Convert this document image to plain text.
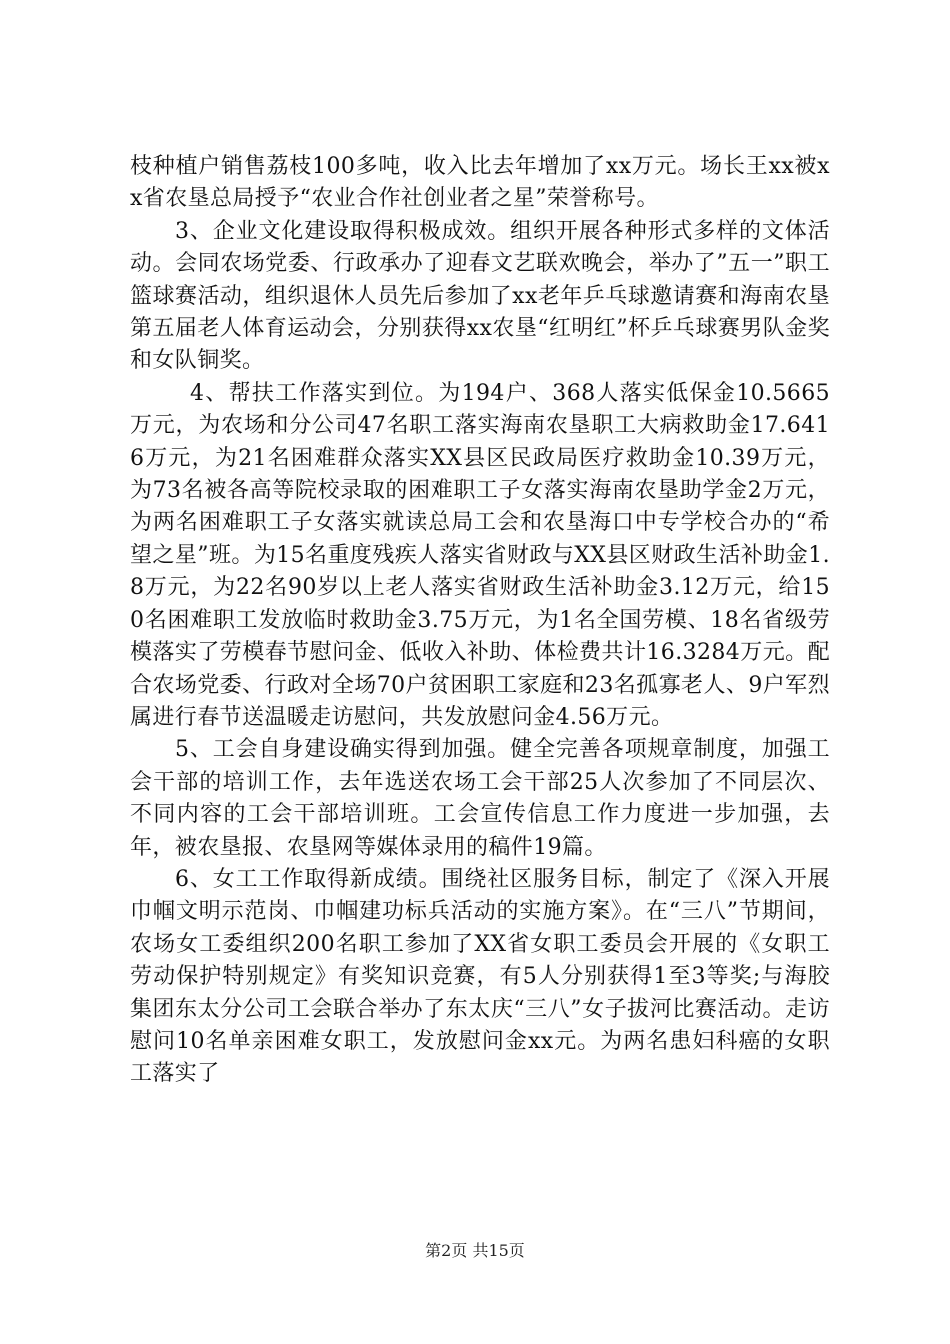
枝种植户销售荔枝100多吨，收入比去年增加了xx万元。场长王xx被xx省农垦总局授予“农业合作社创业者之星”荣誉称号。

3、企业文化建设取得积极成效。组织开展各种形式多样的文体活动。会同农场党委、行政承办了迎春文艺联欢晚会，举办了”五一”职工篮球赛活动，组织退休人员先后参加了xx老年乒乓球邀请赛和海南农垦第五届老人体育运动会，分别获得xx农垦“红明红”杯乒乓球赛男队金奖和女队铜奖。

4、帮扶工作落实到位。为194户、368人落实低保金10.5665万元，为农场和分公司47名职工落实海南农垦职工大病救助金17.6416万元，为21名困难群众落实XX县区民政局医疗救助金10.39万元，为73名被各高等院校录取的困难职工子女落实海南农垦助学金2万元，为两名困难职工子女落实就读总局工会和农垦海口中专学校合办的“希望之星”班。为15名重度残疾人落实省财政与XX县区财政生活补助金1.8万元，为22名90岁以上老人落实省财政生活补助金3.12万元，给150名困难职工发放临时救助金3.75万元，为1名全国劳模、18名省级劳模落实了劳模春节慰问金、低收入补助、体检费共计16.3284万元。配合农场党委、行政对全场70户贫困职工家庭和23名孤寡老人、9户军烈属进行春节送温暖走访慰问，共发放慰问金4.56万元。

5、工会自身建设确实得到加强。健全完善各项规章制度，加强工会干部的培训工作，去年选送农场工会干部25人次参加了不同层次、不同内容的工会干部培训班。工会宣传信息工作力度进一步加强，去年，被农垦报、农垦网等媒体录用的稿件19篇。

6、女工工作取得新成绩。围绕社区服务目标，制定了《深入开展巾帼文明示范岗、巾帼建功标兵活动的实施方案》。在“三八”节期间，农场女工委组织200名职工参加了XX省女职工委员会开展的《女职工劳动保护特别规定》有奖知识竞赛，有5人分别获得1至3等奖;与海胶集团东太分公司工会联合举办了东太庆“三八”女子拔河比赛活动。走访慰问10名单亲困难女职工，发放慰问金xx元。为两名患妇科癌的女职工落实了

第2页 共15页
